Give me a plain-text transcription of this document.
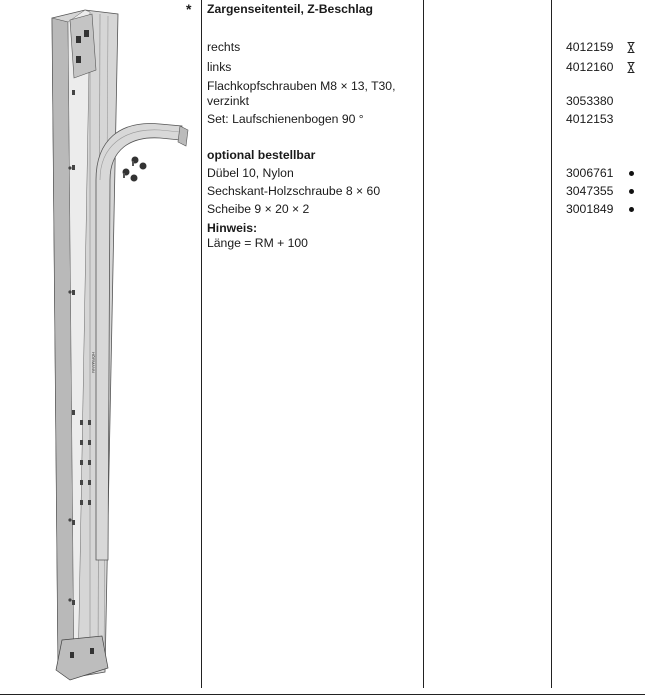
* Zargenseitenteil, Z-Beschlag
rechts	4012159
links	4012160
Flachkopfschrauben M8 × 13, T30,
verzinkt	3053380
Set: Laufschienenbogen 90 °	4012153
optional bestellbar
Dübel 10, Nylon	3006761
Sechskant-Holzschraube 8 × 60	3047355
Scheibe 9 × 20 × 2	3001849
Hinweis:
Länge = RM + 100
HÖRMANN
